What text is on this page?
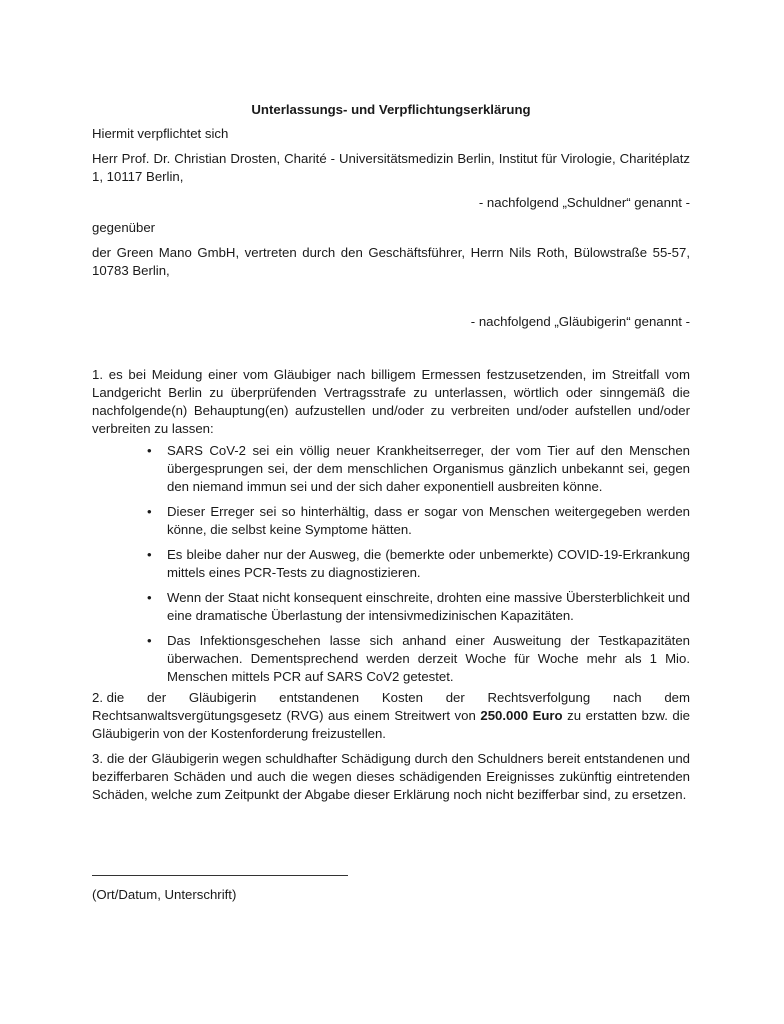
Unterlassungs- und Verpflichtungserklärung

Hiermit verpflichtet sich

Herr Prof. Dr. Christian Drosten, Charité - Universitätsmedizin Berlin, Institut für Virologie, Charitéplatz 1, 10117 Berlin,

- nachfolgend „Schuldner“ genannt -

gegenüber

der Green Mano GmbH, vertreten durch den Geschäftsführer, Herrn Nils Roth, Bülowstraße 55-57, 10783 Berlin,

- nachfolgend „Gläubigerin“ genannt -

1. es bei Meidung einer vom Gläubiger nach billigem Ermessen festzusetzenden, im Streitfall vom Landgericht Berlin zu überprüfenden Vertragsstrafe zu unterlassen, wörtlich oder sinngemäß die nachfolgende(n) Behauptung(en) aufzustellen und/oder zu verbreiten und/oder aufstellen und/oder verbreiten zu lassen:

• SARS CoV-2 sei ein völlig neuer Krankheitserreger, der vom Tier auf den Menschen übergesprungen sei, der dem menschlichen Organismus gänzlich unbekannt sei, gegen den niemand immun sei und der sich daher exponentiell ausbreiten könne.
• Dieser Erreger sei so hinterhältig, dass er sogar von Menschen weitergegeben werden könne, die selbst keine Symptome hätten.
• Es bleibe daher nur der Ausweg, die (bemerkte oder unbemerkte) COVID-19-Erkrankung mittels eines PCR-Tests zu diagnostizieren.
• Wenn der Staat nicht konsequent einschreite, drohten eine massive Übersterblichkeit und eine dramatische Überlastung der intensivmedizinischen Kapazitäten.
• Das Infektionsgeschehen lasse sich anhand einer Ausweitung der Testkapazitäten überwachen. Dementsprechend werden derzeit Woche für Woche mehr als 1 Mio. Menschen mittels PCR auf SARS CoV2 getestet.
2. die der Gläubigerin entstandenen Kosten der Rechtsverfolgung nach dem
Rechtsanwaltsvergütungsgesetz (RVG) aus einem Streitwert von 250.000 Euro zu erstatten bzw. die Gläubigerin von der Kostenforderung freizustellen.

3. die der Gläubigerin wegen schuldhafter Schädigung durch den Schuldners bereit entstandenen und bezifferbaren Schäden und auch die wegen dieses schädigenden Ereignisses zukünftig eintretenden Schäden, welche zum Zeitpunkt der Abgabe dieser Erklärung noch nicht bezifferbar sind, zu ersetzen.

(Ort/Datum, Unterschrift)
